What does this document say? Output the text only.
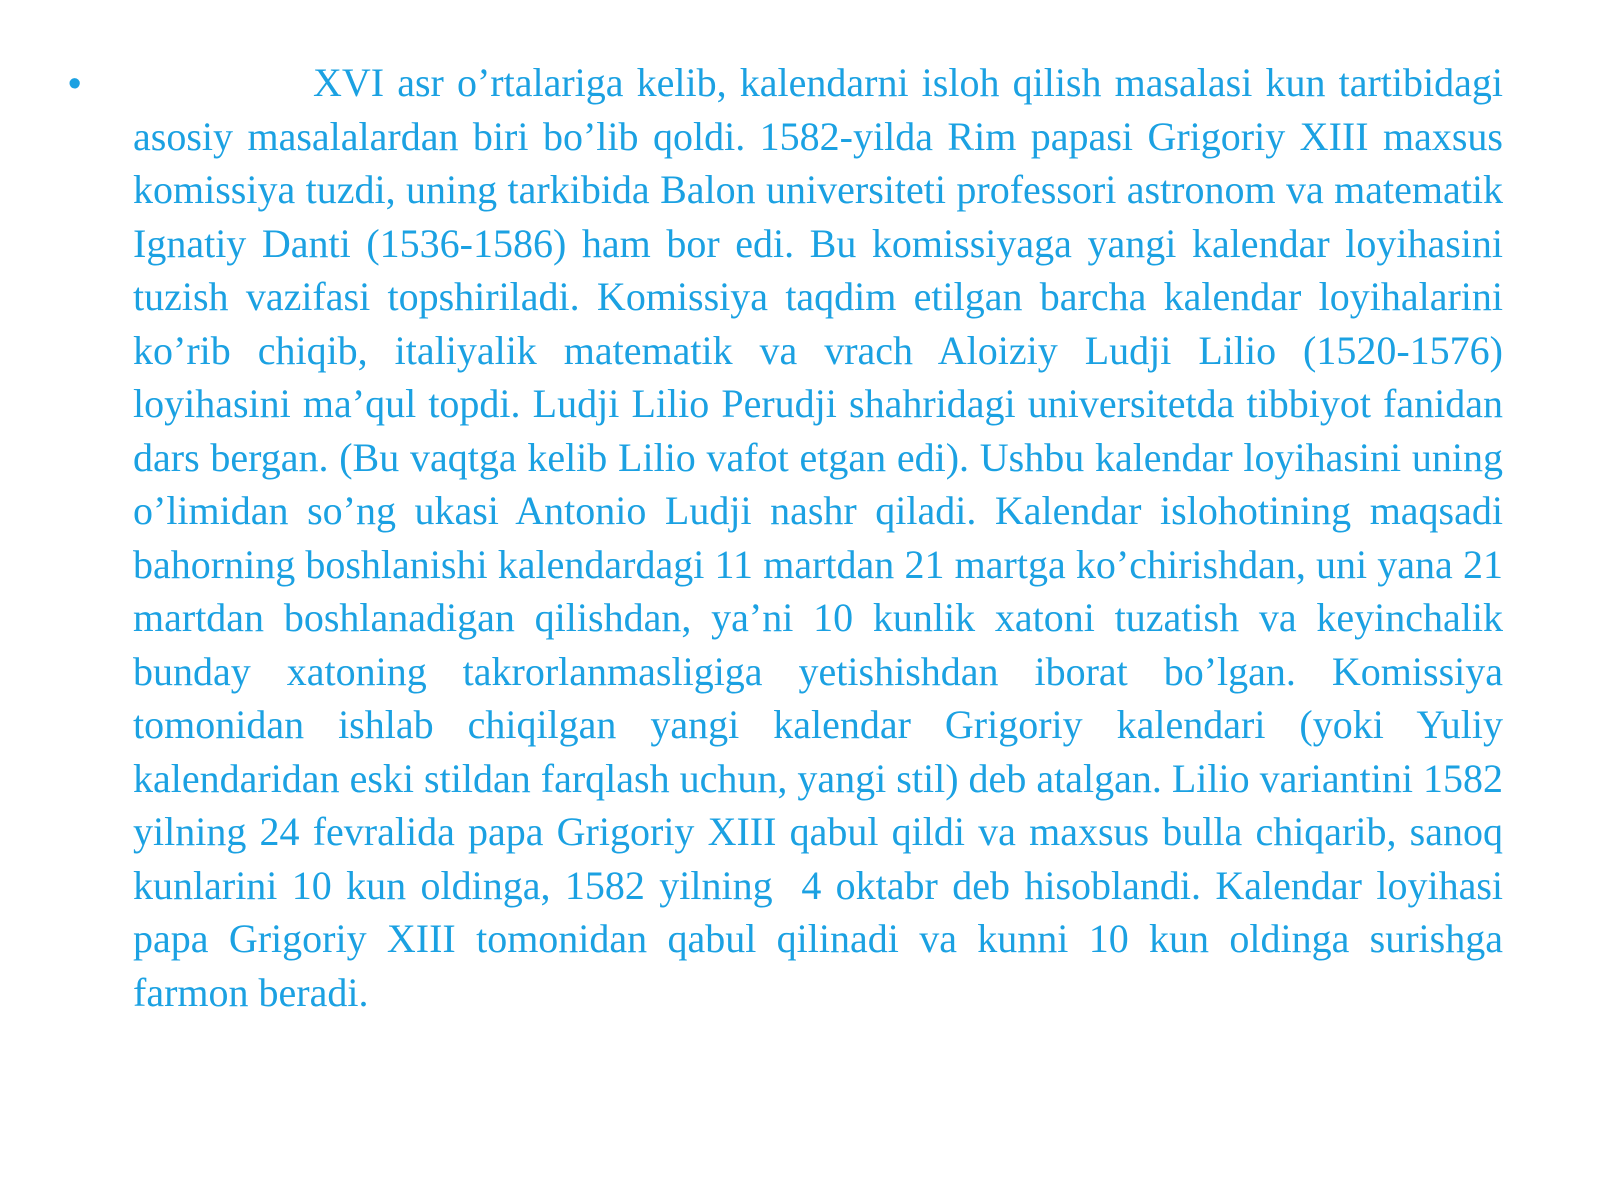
•	XVI asr o’rtalariga kelib, kalendarni isloh qilish masalasi kun tartibidagi asosiy masalalardan biri bo’lib qoldi. 1582-yilda Rim papasi Grigoriy XIII maxsus komissiya tuzdi, uning tarkibida Balon universiteti professori astronom va matematik Ignatiy Danti (1536-1586) ham bor edi. Bu komissiyaga yangi kalendar loyihasini tuzish vazifasi topshiriladi. Komissiya taqdim etilgan barcha kalendar loyihalarini ko’rib chiqib, italiyalik matematik va vrach Aloiziy Ludji Lilio (1520-1576) loyihasini ma’qul topdi. Ludji Lilio Perudji shahridagi universitetda tibbiyot fanidan dars bergan. (Bu vaqtga kelib Lilio vafot etgan edi). Ushbu kalendar loyihasini uning o’limidan so’ng ukasi Antonio Ludji nashr qiladi. Kalendar islohotining maqsadi bahorning boshlanishi kalendardagi 11 martdan 21 martga ko’chirishdan, uni yana 21 martdan boshlanadigan qilishdan, ya’ni 10 kunlik xatoni tuzatish va keyinchalik bunday xatoning takrorlanmasligiga yetishishdan iborat bo’lgan. Komissiya tomonidan ishlab chiqilgan yangi kalendar Grigoriy kalendari (yoki Yuliy kalendaridan eski stildan farqlash uchun, yangi stil) deb atalgan. Lilio variantini 1582 yilning 24 fevralida papa Grigoriy XIII qabul qildi va maxsus bulla chiqarib, sanoq kunlarini 10 kun oldinga, 1582 yilning  4 oktabr deb hisoblandi. Kalendar loyihasi papa Grigoriy XIII tomonidan qabul qilinadi va kunni 10 kun oldinga surishga farmon beradi.
